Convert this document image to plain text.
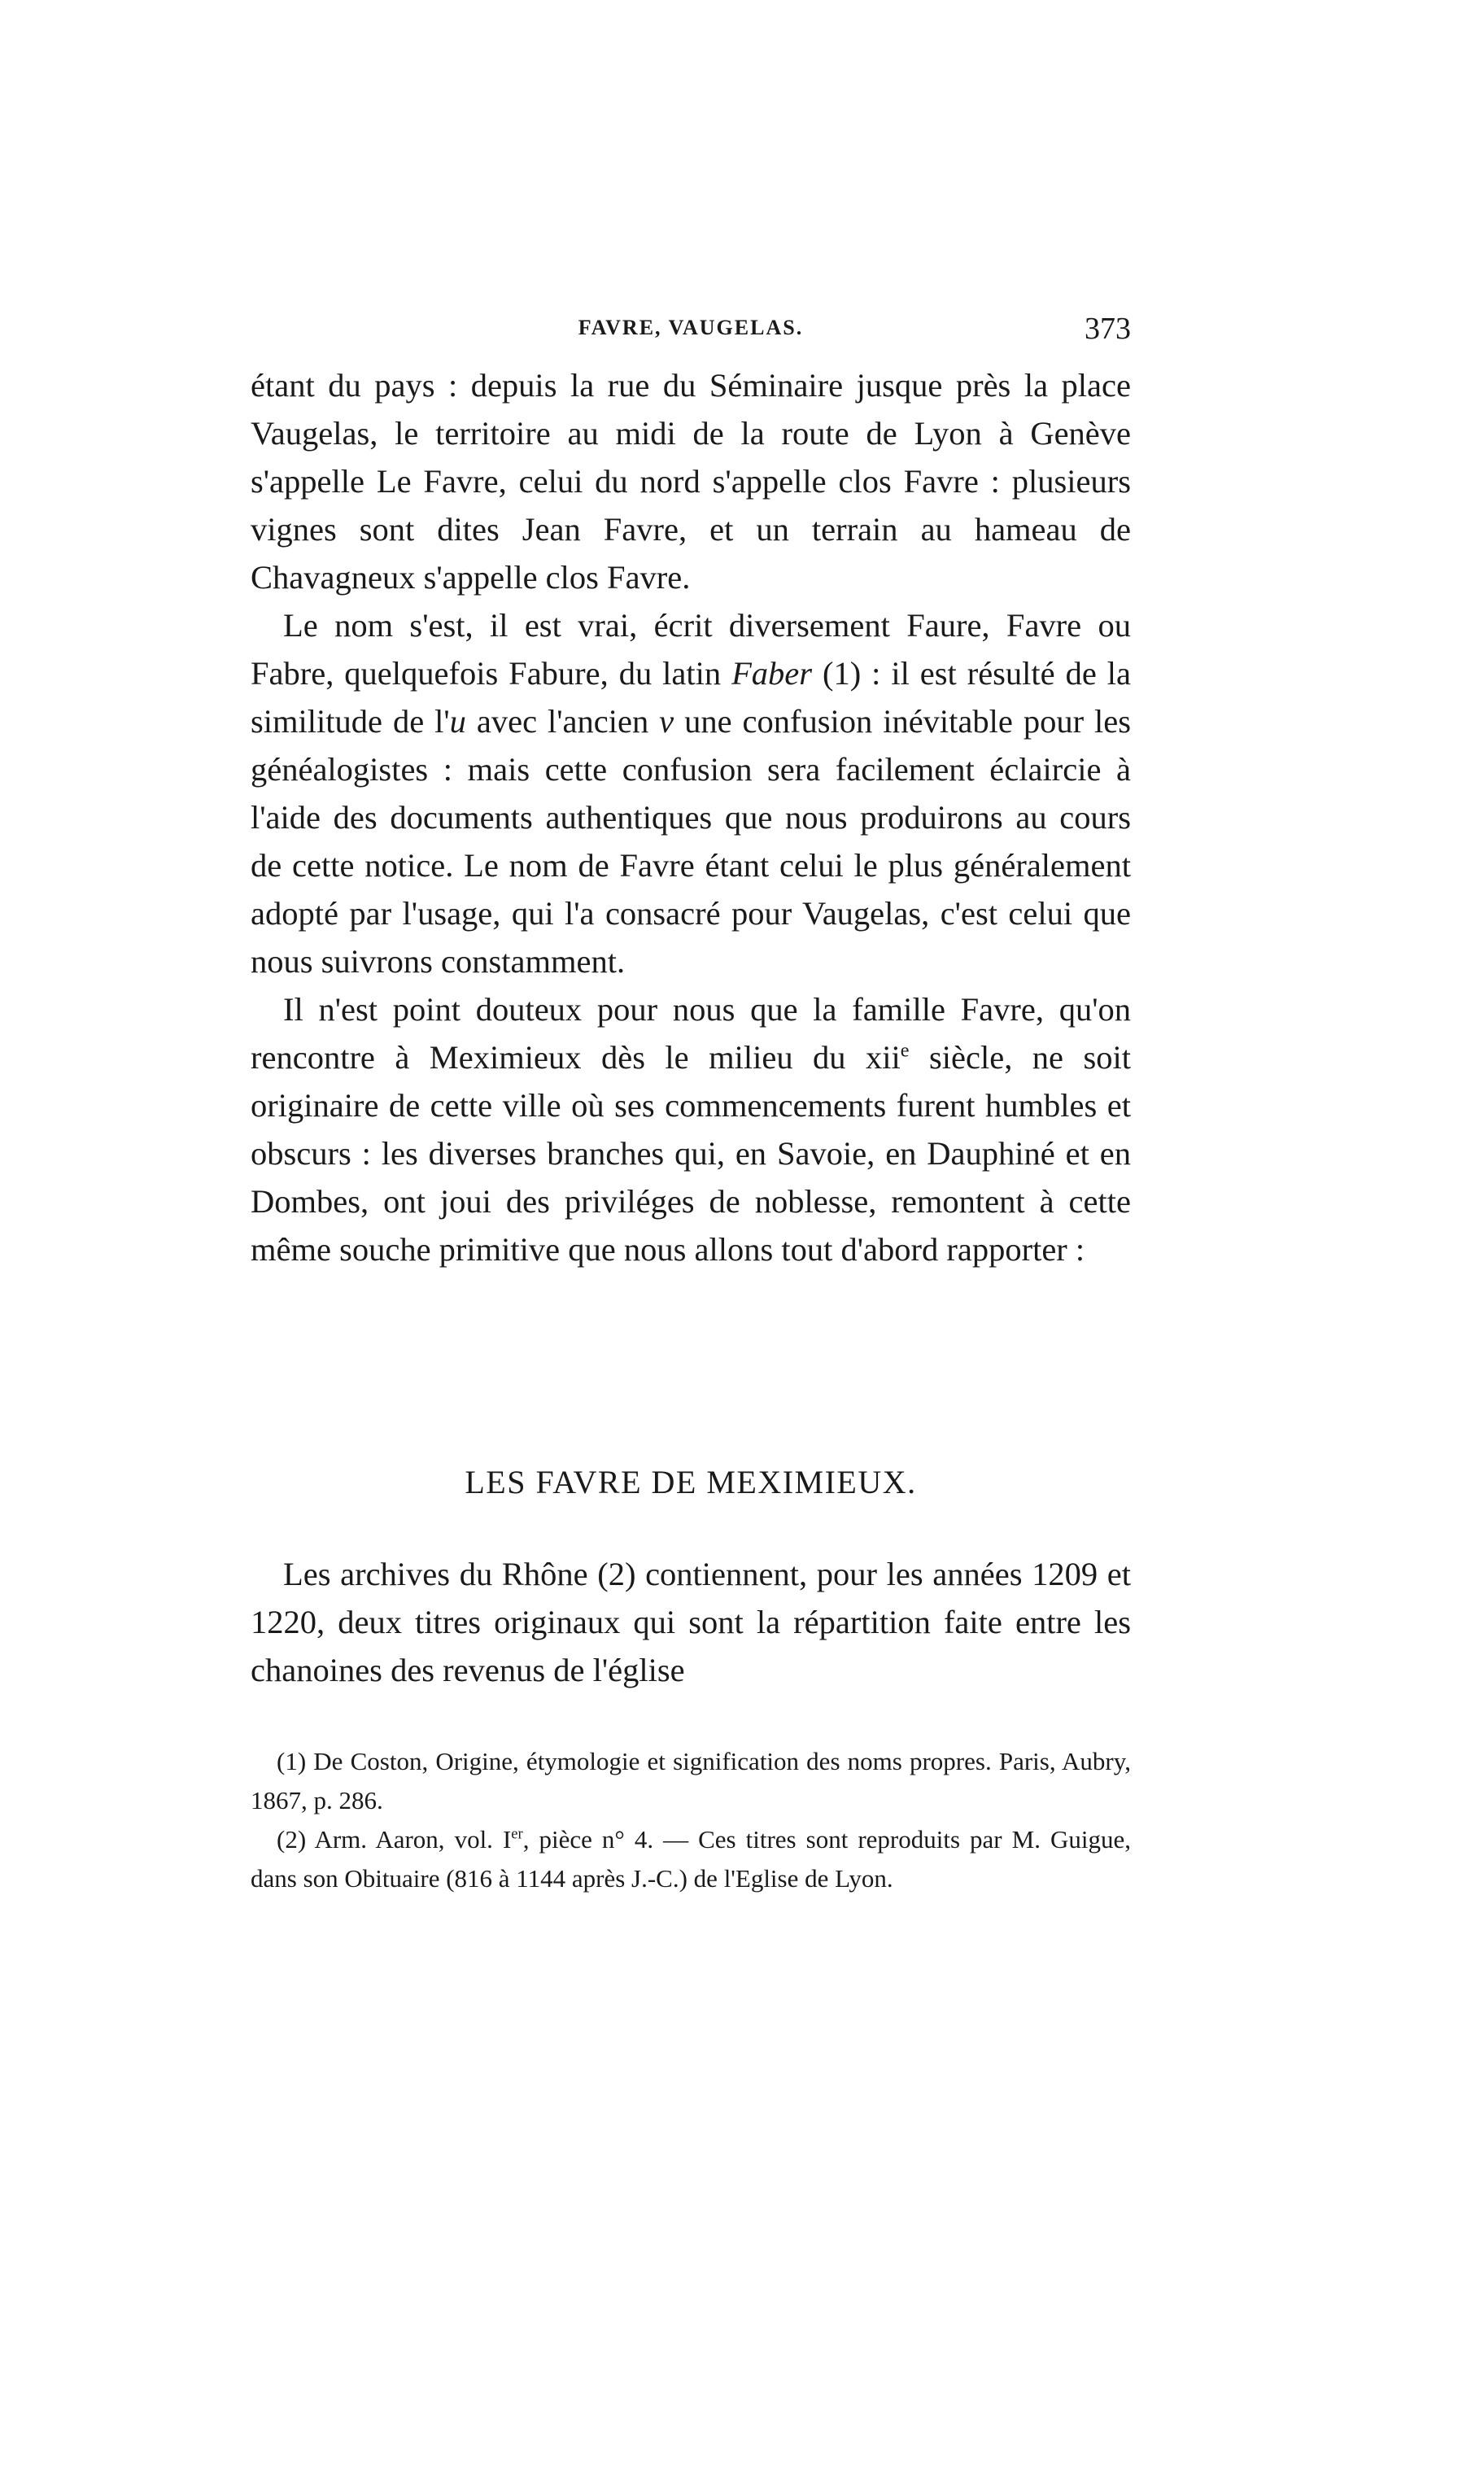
FAVRE, VAUGELAS.	373

étant du pays : depuis la rue du Séminaire jusque près la place Vaugelas, le territoire au midi de la route de Lyon à Genève s'appelle Le Favre, celui du nord s'appelle clos Favre : plusieurs vignes sont dites Jean Favre, et un terrain au hameau de Chavagneux s'appelle clos Favre.

Le nom s'est, il est vrai, écrit diversement Faure, Favre ou Fabre, quelquefois Fabure, du latin Faber (1) : il est résulté de la similitude de l'u avec l'ancien v une confusion inévitable pour les généalogistes : mais cette confusion sera facilement éclaircie à l'aide des documents authentiques que nous produirons au cours de cette notice. Le nom de Favre étant celui le plus généralement adopté par l'usage, qui l'a consacré pour Vaugelas, c'est celui que nous suivrons constamment.

Il n'est point douteux pour nous que la famille Favre, qu'on rencontre à Meximieux dès le milieu du xii$^e$ siècle, ne soit originaire de cette ville où ses commencements furent humbles et obscurs : les diverses branches qui, en Savoie, en Dauphiné et en Dombes, ont joui des priviléges de noblesse, remontent à cette même souche primitive que nous allons tout d'abord rapporter :

LES FAVRE DE MEXIMIEUX.

Les archives du Rhône (2) contiennent, pour les années 1209 et 1220, deux titres originaux qui sont la répartition faite entre les chanoines des revenus de l'église

(1) De Coston, Origine, étymologie et signification des noms propres. Paris, Aubry, 1867, p. 286.

(2) Arm. Aaron, vol. Ier, pièce n° 4. — Ces titres sont reproduits par M. Guigue, dans son Obituaire (816 à 1144 après J.-C.) de l'Eglise de Lyon.
